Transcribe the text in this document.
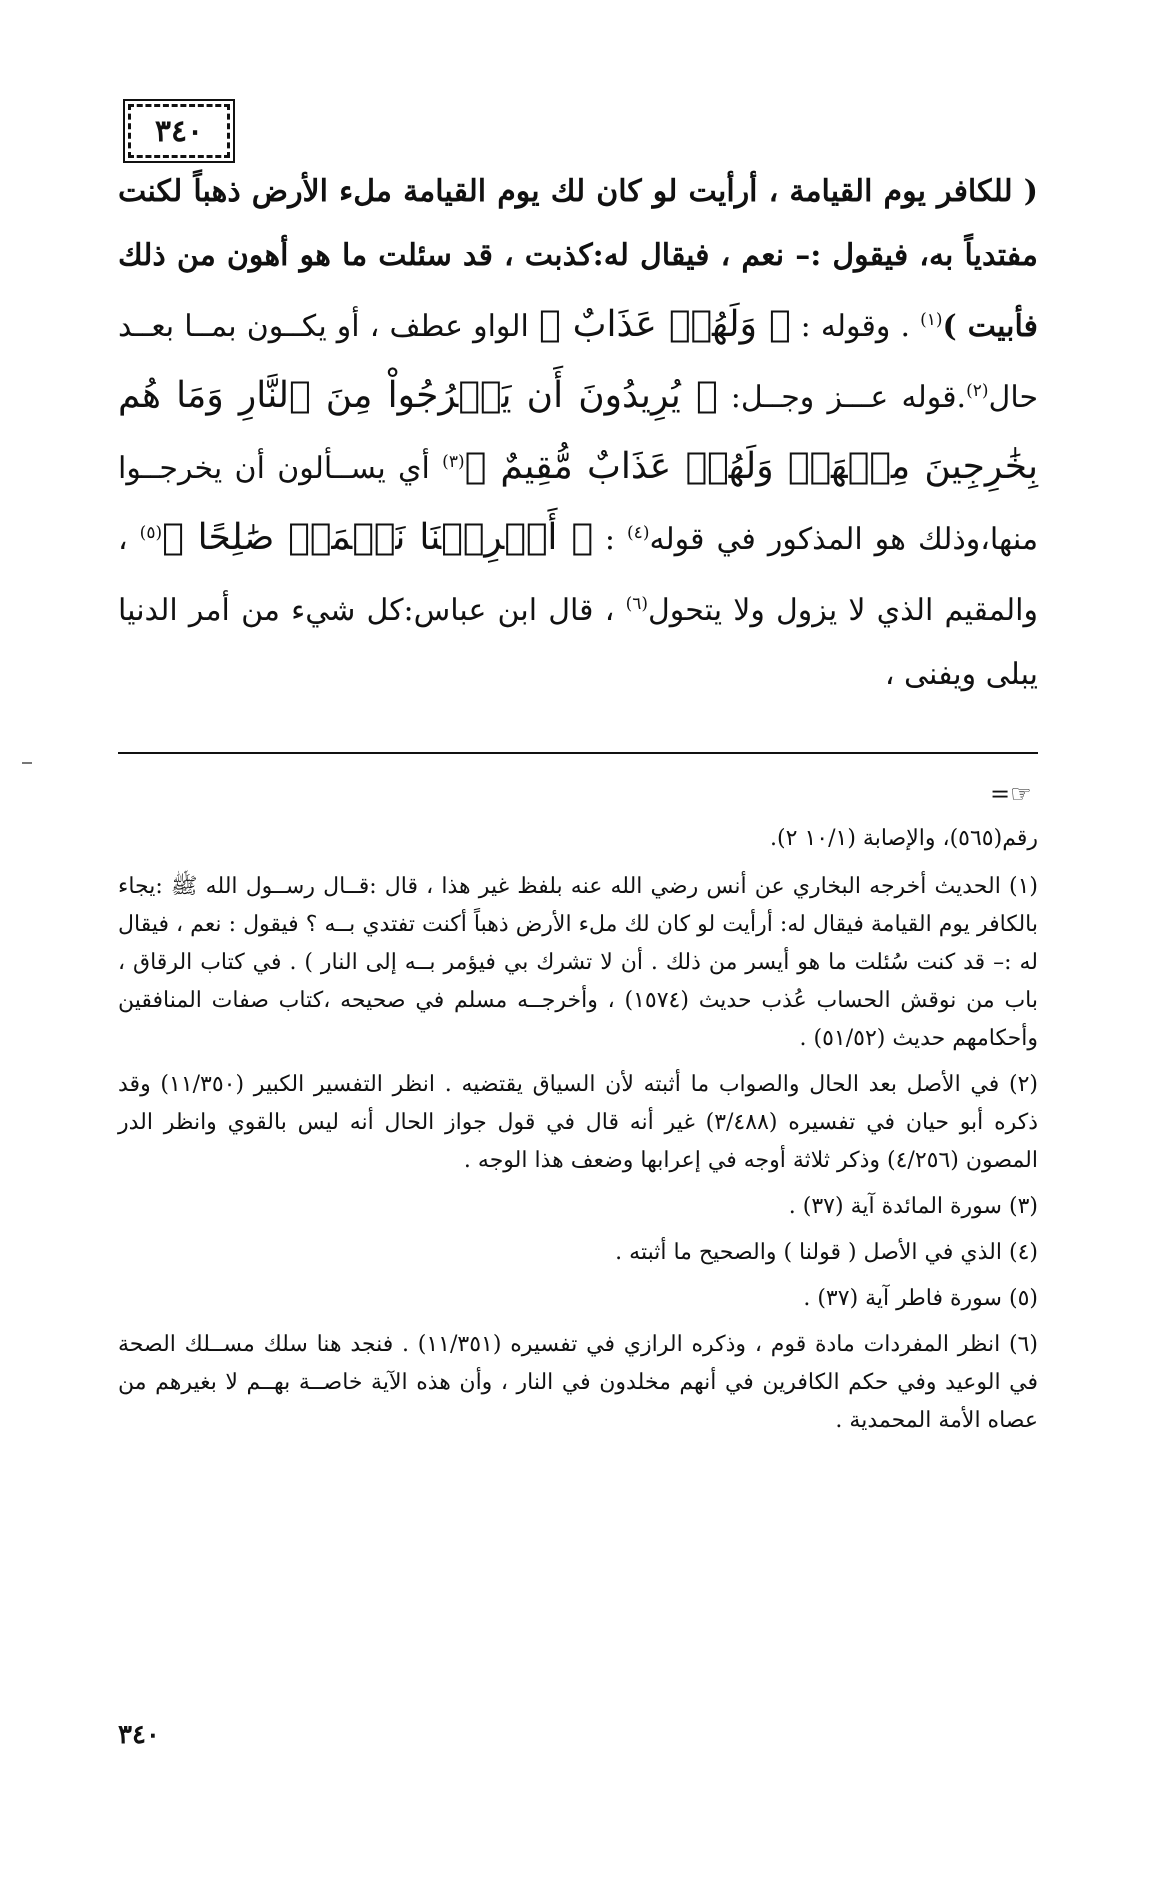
٣٤٠

( للكافر يوم القيامة ، أرأيت لو كان لك يوم القيامة ملء الأرض ذهباً لكنت مفتدياً به، فيقول :– نعم ، فيقال له:كذبت ، قد سئلت ما هو أهون من ذلك فأبيت )$^{(١)}$ . وقوله : ﴿ وَلَهُمۡ عَذَابٌ ﴾ الواو عطف ، أو يكــون بمــا بعــد حال$^{(٢)}$.قوله عـــز وجــل: ﴿ يُرِيدُونَ أَن يَخۡرُجُواْ مِنَ ٱلنَّارِ وَمَا هُم بِخَٰرِجِينَ مِنۡهَاۖ وَلَهُمۡ عَذَابٌ مُّقِيمٌ ﴾$^{(٣)}$ أي يســألون أن يخرجــوا منها،وذلك هو المذكور في قوله$^{(٤)}$ : ﴿ أَخۡرِجۡنَا نَعۡمَلۡ صَٰلِحًا ﴾$^{(٥)}$ ، والمقيم الذي لا يزول ولا يتحول$^{(٦)}$ ، قال ابن عباس:كل شيء من أمر الدنيا يبلى ويفنى ،

=☞

رقم(٥٦٥)، والإصابة (١٠/١ ٢).

(١) الحديث أخرجه البخاري عن أنس رضي الله عنه بلفظ غير هذا ، قال :قــال رســول الله ﷺ :يجاء بالكافر يوم القيامة فيقال له: أرأيت لو كان لك ملء الأرض ذهباً أكنت تفتدي بــه ؟ فيقول : نعم ، فيقال له :– قد كنت سُئلت ما هو أيسر من ذلك . أن لا تشرك بي فيؤمر بــه إلى النار ) . في كتاب الرقاق ، باب من نوقش الحساب عُذب حديث (١٥٧٤) ، وأخرجــه مسلم في صحيحه ،كتاب صفات المنافقين وأحكامهم حديث (٥١/٥٢) .

(٢) في الأصل بعد الحال والصواب ما أثبته لأن السياق يقتضيه . انظر التفسير الكبير (١١/٣٥٠) وقد ذكره أبو حيان في تفسيره (٣/٤٨٨) غير أنه قال في قول جواز الحال أنه ليس بالقوي وانظر الدر المصون (٤/٢٥٦) وذكر ثلاثة أوجه في إعرابها وضعف هذا الوجه .

(٣) سورة المائدة آية (٣٧) .

(٤) الذي في الأصل ( قولنا ) والصحيح ما أثبته .

(٥) سورة فاطر آية (٣٧) .

(٦) انظر المفردات مادة قوم ، وذكره الرازي في تفسيره (١١/٣٥١) . فنجد هنا سلك مســلك الصحة في الوعيد وفي حكم الكافرين في أنهم مخلدون في النار ، وأن هذه الآية خاصــة بهــم لا بغيرهم من عصاه الأمة المحمدية .

٣٤٠
